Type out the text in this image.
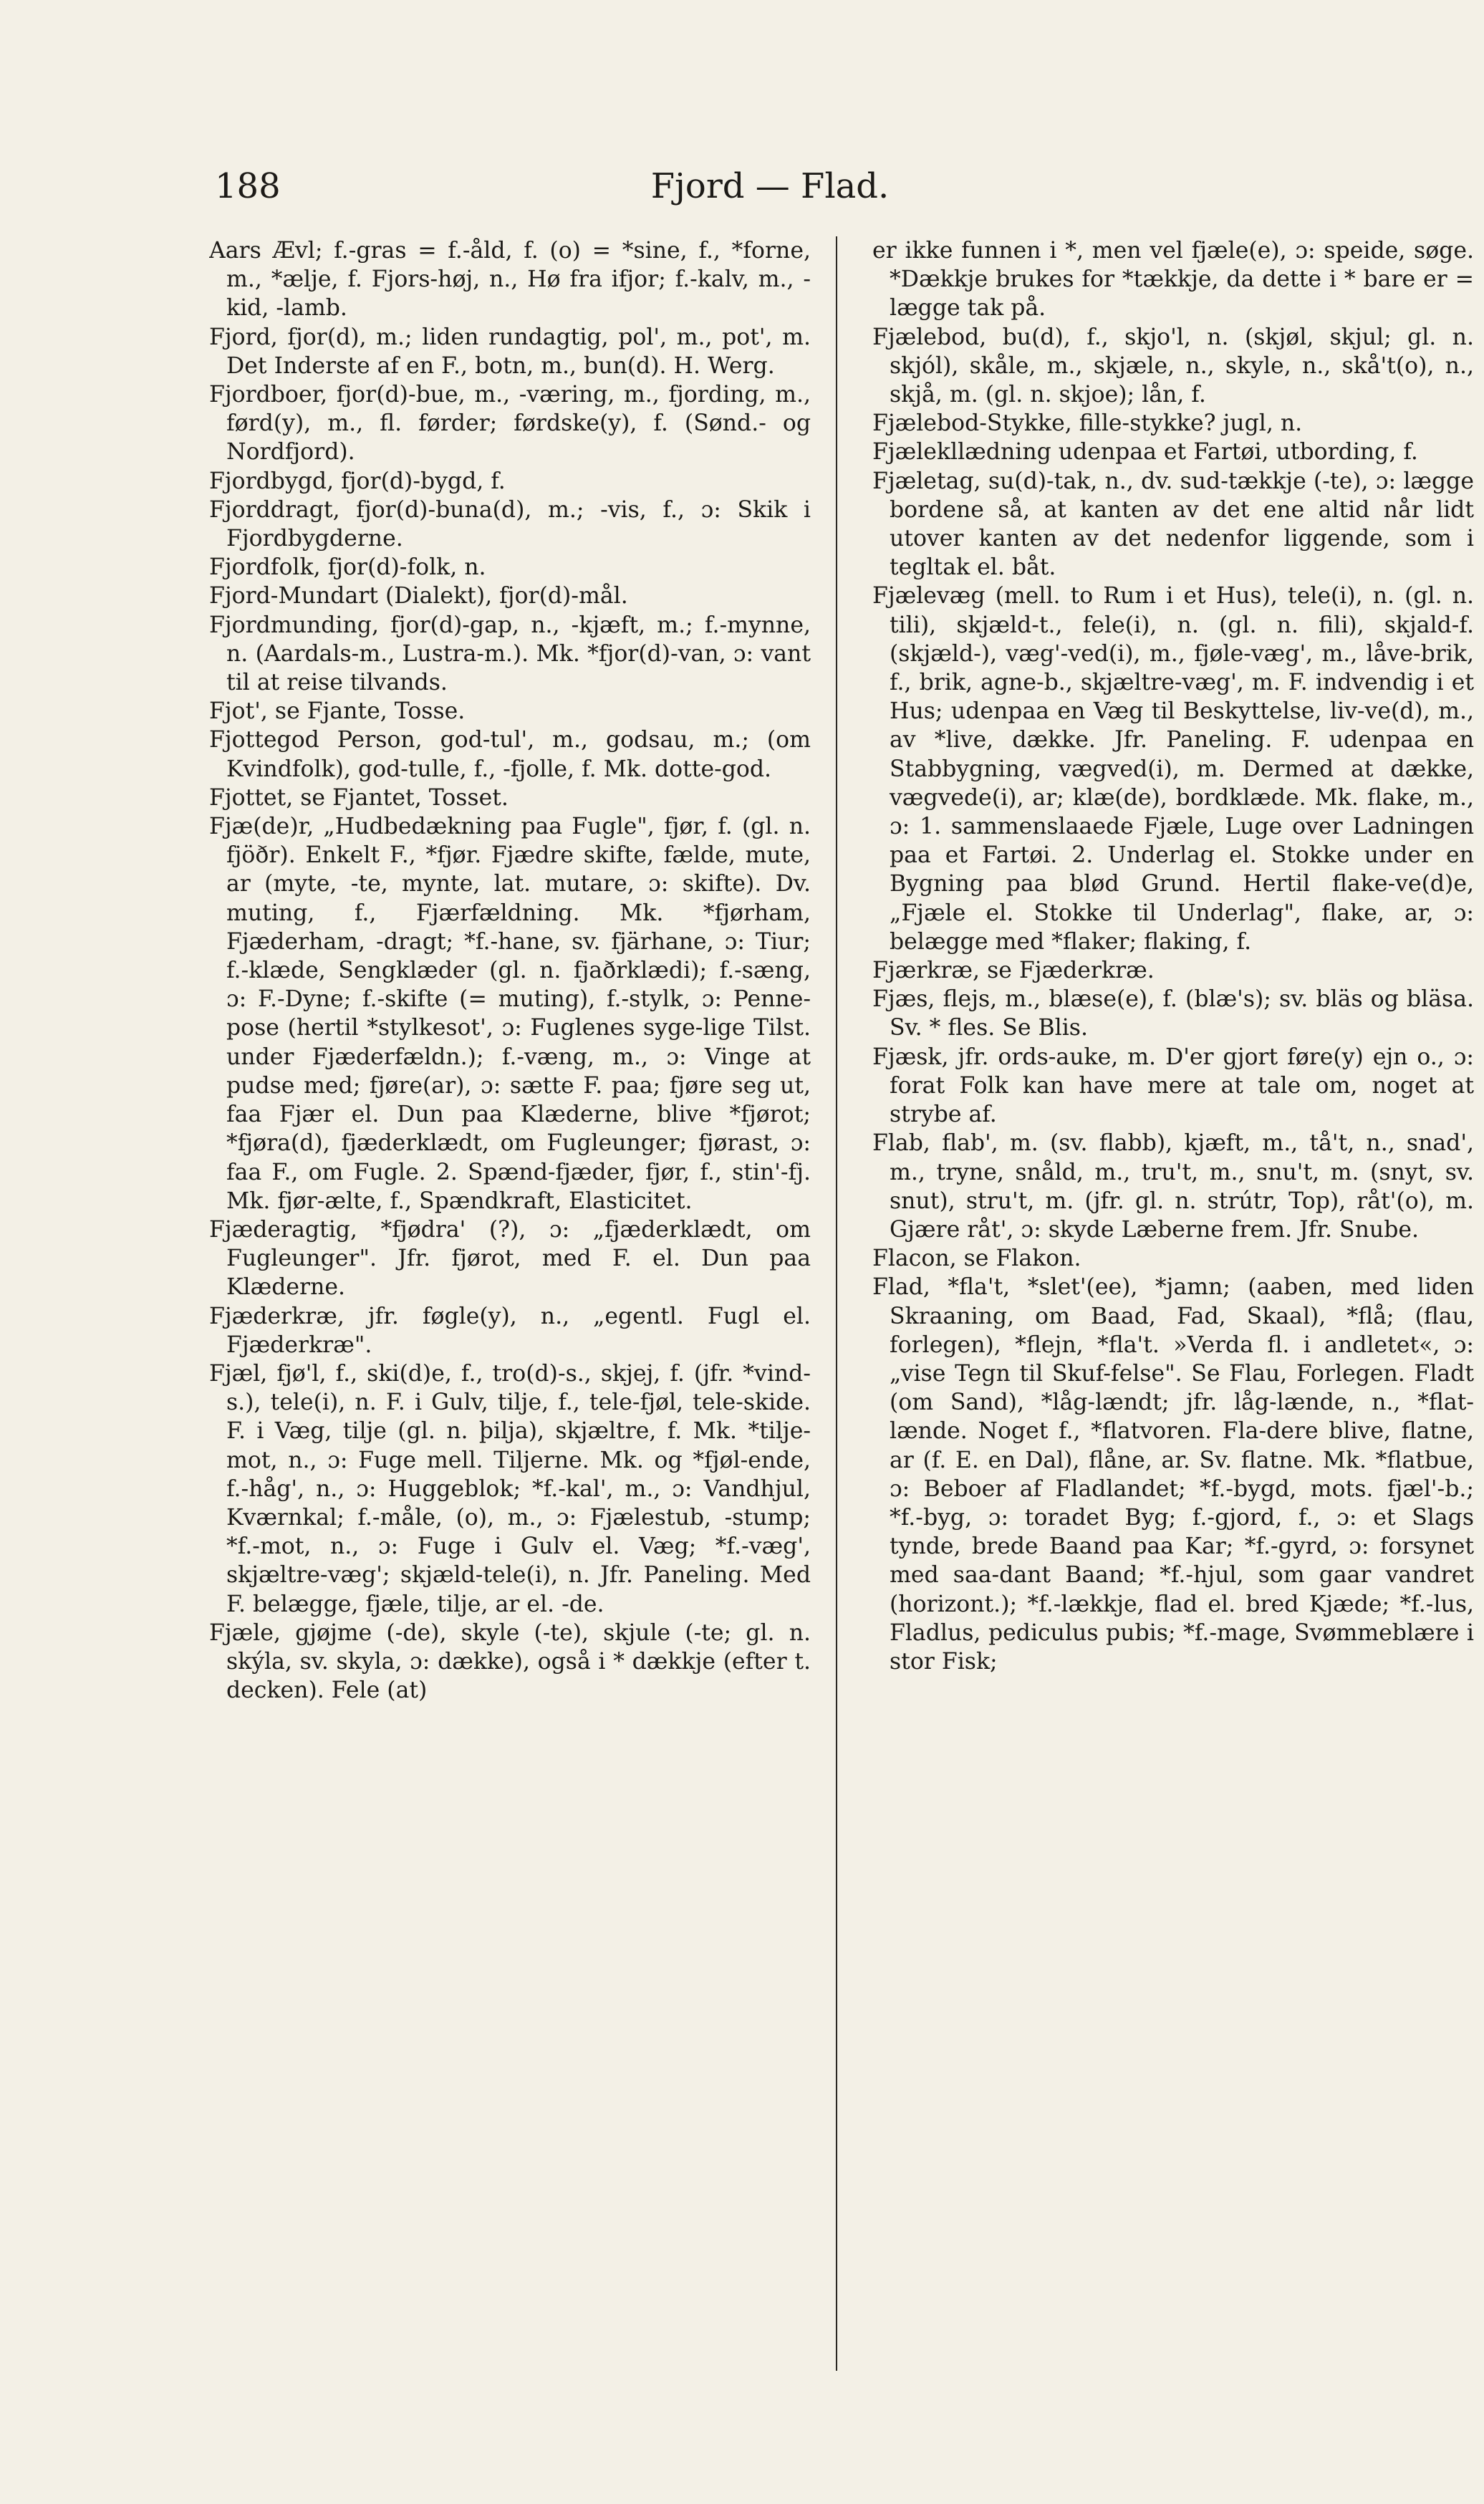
188	Fjord — Flad.

Aars Ævl; f.-gras = f.-åld, f. (o) = *sine, f., *forne, m., *ælje, f. Fjors-høj, n., Hø fra ifjor; f.-kalv, m., -kid, -lamb.

Fjord, fjor(d), m.; liden rundagtig, pol', m., pot', m. Det Inderste af en F., botn, m., bun(d). H. Werg.

Fjordboer, fjor(d)-bue, m., -væring, m., fjording, m., førd(y), m., fl. førder; førdske(y), f. (Sønd.- og Nordfjord).

Fjordbygd, fjor(d)-bygd, f.

Fjorddragt, fjor(d)-buna(d), m.; -vis, f., ɔ: Skik i Fjordbygderne.

Fjordfolk, fjor(d)-folk, n.

Fjord-Mundart (Dialekt), fjor(d)-mål.

Fjordmunding, fjor(d)-gap, n., -kjæft, m.; f.-mynne, n. (Aardals-m., Lustra-m.). Mk. *fjor(d)-van, ɔ: vant til at reise tilvands.

Fjot', se Fjante, Tosse.

Fjottegod Person, god-tul', m., godsau, m.; (om Kvindfolk), god-tulle, f., -fjolle, f. Mk. dotte-god.

Fjottet, se Fjantet, Tosset.

Fjæ(de)r, „Hudbedækning paa Fugle", fjør, f. (gl. n. fjöðr). Enkelt F., *fjør. Fjædre skifte, fælde, mute, ar (myte, -te, mynte, lat. mutare, ɔ: skifte). Dv. muting, f., Fjærfældning. Mk. *fjørham, Fjæderham, -dragt; *f.-hane, sv. fjärhane, ɔ: Tiur; f.-klæde, Sengklæder (gl. n. fjaðrklædi); f.-sæng, ɔ: F.-Dyne; f.-skifte (= muting), f.-stylk, ɔ: Penne-pose (hertil *stylkesot', ɔ: Fuglenes syge-lige Tilst. under Fjæderfældn.); f.-væng, m., ɔ: Vinge at pudse med; fjøre(ar), ɔ: sætte F. paa; fjøre seg ut, faa Fjær el. Dun paa Klæderne, blive *fjørot; *fjøra(d), fjæderklædt, om Fugleunger; fjørast, ɔ: faa F., om Fugle. 2. Spænd-fjæder, fjør, f., stin'-fj. Mk. fjør-ælte, f., Spændkraft, Elasticitet.

Fjæderagtig, *fjødra' (?), ɔ: „fjæderklædt, om Fugleunger". Jfr. fjørot, med F. el. Dun paa Klæderne.

Fjæderkræ, jfr. føgle(y), n., „egentl. Fugl el. Fjæderkræ".

Fjæl, fjø'l, f., ski(d)e, f., tro(d)-s., skjej, f. (jfr. *vind-s.), tele(i), n. F. i Gulv, tilje, f., tele-fjøl, tele-skide. F. i Væg, tilje (gl. n. þilja), skjæltre, f. Mk. *tilje-mot, n., ɔ: Fuge mell. Tiljerne. Mk. og *fjøl-ende, f.-håg', n., ɔ: Huggeblok; *f.-kal', m., ɔ: Vandhjul, Kværnkal; f.-måle, (o), m., ɔ: Fjælestub, -stump; *f.-mot, n., ɔ: Fuge i Gulv el. Væg; *f.-væg', skjæltre-væg'; skjæld-tele(i), n. Jfr. Paneling. Med F. belægge, fjæle, tilje, ar el. -de.

Fjæle, gjøjme (-de), skyle (-te), skjule (-te; gl. n. skýla, sv. skyla, ɔ: dække), også i * dækkje (efter t. decken). Fele (at)

er ikke funnen i *, men vel fjæle(e), ɔ: speide, søge. *Dækkje brukes for *tækkje, da dette i * bare er = lægge tak på.

Fjælebod, bu(d), f., skjo'l, n. (skjøl, skjul; gl. n. skjól), skåle, m., skjæle, n., skyle, n., skå't(o), n., skjå, m. (gl. n. skjoe); lån, f.

Fjælebod-Stykke, fille-stykke? jugl, n.

Fjælekllædning udenpaa et Fartøi, utbording, f.

Fjæletag, su(d)-tak, n., dv. sud-tækkje (-te), ɔ: lægge bordene så, at kanten av det ene altid når lidt utover kanten av det nedenfor liggende, som i tegltak el. båt.

Fjælevæg (mell. to Rum i et Hus), tele(i), n. (gl. n. tili), skjæld-t., fele(i), n. (gl. n. fili), skjald-f. (skjæld-), væg'-ved(i), m., fjøle-væg', m., låve-brik, f., brik, agne-b., skjæltre-væg', m. F. indvendig i et Hus; udenpaa en Væg til Beskyttelse, liv-ve(d), m., av *live, dække. Jfr. Paneling. F. udenpaa en Stabbygning, vægved(i), m. Dermed at dække, vægvede(i), ar; klæ(de), bordklæde. Mk. flake, m., ɔ: 1. sammenslaaede Fjæle, Luge over Ladningen paa et Fartøi. 2. Underlag el. Stokke under en Bygning paa blød Grund. Hertil flake-ve(d)e, „Fjæle el. Stokke til Underlag", flake, ar, ɔ: belægge med *flaker; flaking, f.

Fjærkræ, se Fjæderkræ.

Fjæs, flejs, m., blæse(e), f. (blæ's); sv. bläs og bläsa. Sv. * fles. Se Blis.

Fjæsk, jfr. ords-auke, m. D'er gjort føre(y) ejn o., ɔ: forat Folk kan have mere at tale om, noget at strybe af.

Flab, flab', m. (sv. flabb), kjæft, m., tå't, n., snad', m., tryne, snåld, m., tru't, m., snu't, m. (snyt, sv. snut), stru't, m. (jfr. gl. n. strútr, Top), råt'(o), m. Gjære råt', ɔ: skyde Læberne frem. Jfr. Snube.

Flacon, se Flakon.

Flad, *fla't, *slet'(ee), *jamn; (aaben, med liden Skraaning, om Baad, Fad, Skaal), *flå; (flau, forlegen), *flejn, *fla't. »Verda fl. i andletet«, ɔ: „vise Tegn til Skuf-felse". Se Flau, Forlegen. Fladt (om Sand), *låg-lændt; jfr. låg-lænde, n., *flat-lænde. Noget f., *flatvoren. Fla-dere blive, flatne, ar (f. E. en Dal), flåne, ar. Sv. flatne. Mk. *flatbue, ɔ: Beboer af Fladlandet; *f.-bygd, mots. fjæl'-b.; *f.-byg, ɔ: toradet Byg; f.-gjord, f., ɔ: et Slags tynde, brede Baand paa Kar; *f.-gyrd, ɔ: forsynet med saa-dant Baand; *f.-hjul, som gaar vandret (horizont.); *f.-lækkje, flad el. bred Kjæde; *f.-lus, Fladlus, pediculus pubis; *f.-mage, Svømmeblære i stor Fisk;
